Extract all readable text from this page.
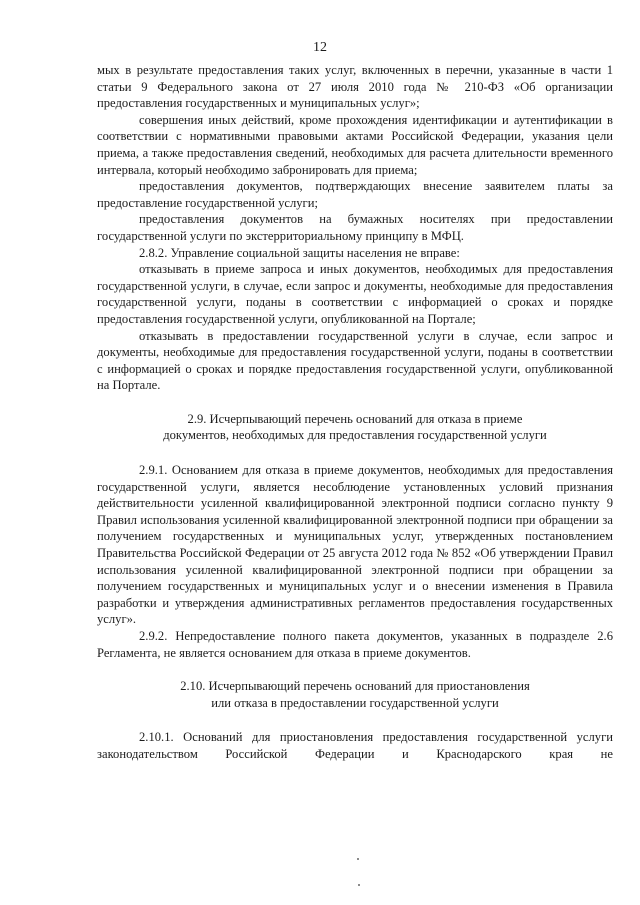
12

мых в результате предоставления таких услуг, включенных в перечни, указанные в части 1 статьи 9 Федерального закона от 27 июля 2010 года № 210-ФЗ «Об организации предоставления государственных и муниципальных услуг»;

совершения иных действий, кроме прохождения идентификации и аутентификации в соответствии с нормативными правовыми актами Российской Федерации, указания цели приема, а также предоставления сведений, необходимых для расчета длительности временного интервала, который необходимо забронировать для приема;

предоставления документов, подтверждающих внесение заявителем платы за предоставление государственной услуги;

предоставления документов на бумажных носителях при предоставлении государственной услуги по экстерриториальному принципу в МФЦ.

2.8.2. Управление социальной защиты населения не вправе:

отказывать в приеме запроса и иных документов, необходимых для предоставления государственной услуги, в случае, если запрос и документы, необходимые для предоставления государственной услуги, поданы в соответствии с информацией о сроках и порядке предоставления государственной услуги, опубликованной на Портале;

отказывать в предоставлении государственной услуги в случае, если запрос и документы, необходимые для предоставления государственной услуги, поданы в соответствии с информацией о сроках и порядке предоставления государственной услуги, опубликованной на Портале.

2.9. Исчерпывающий перечень оснований для отказа в приеме
документов, необходимых для предоставления государственной услуги

2.9.1. Основанием для отказа в приеме документов, необходимых для предоставления государственной услуги, является несоблюдение установленных условий признания действительности усиленной квалифицированной электронной подписи согласно пункту 9 Правил использования усиленной квалифицированной электронной подписи при обращении за получением государственных и муниципальных услуг, утвержденных постановлением Правительства Российской Федерации от 25 августа 2012 года № 852 «Об утверждении Правил использования усиленной квалифицированной электронной подписи при обращении за получением государственных и муниципальных услуг и о внесении изменения в Правила разработки и утверждения административных регламентов предоставления государственных услуг».

2.9.2. Непредоставление полного пакета документов, указанных в подразделе 2.6 Регламента, не является основанием для отказа в приеме документов.

2.10. Исчерпывающий перечень оснований для приостановления
или отказа в предоставлении государственной услуги

2.10.1. Оснований для приостановления предоставления государственной услуги законодательством Российской Федерации и Краснодарского края не
